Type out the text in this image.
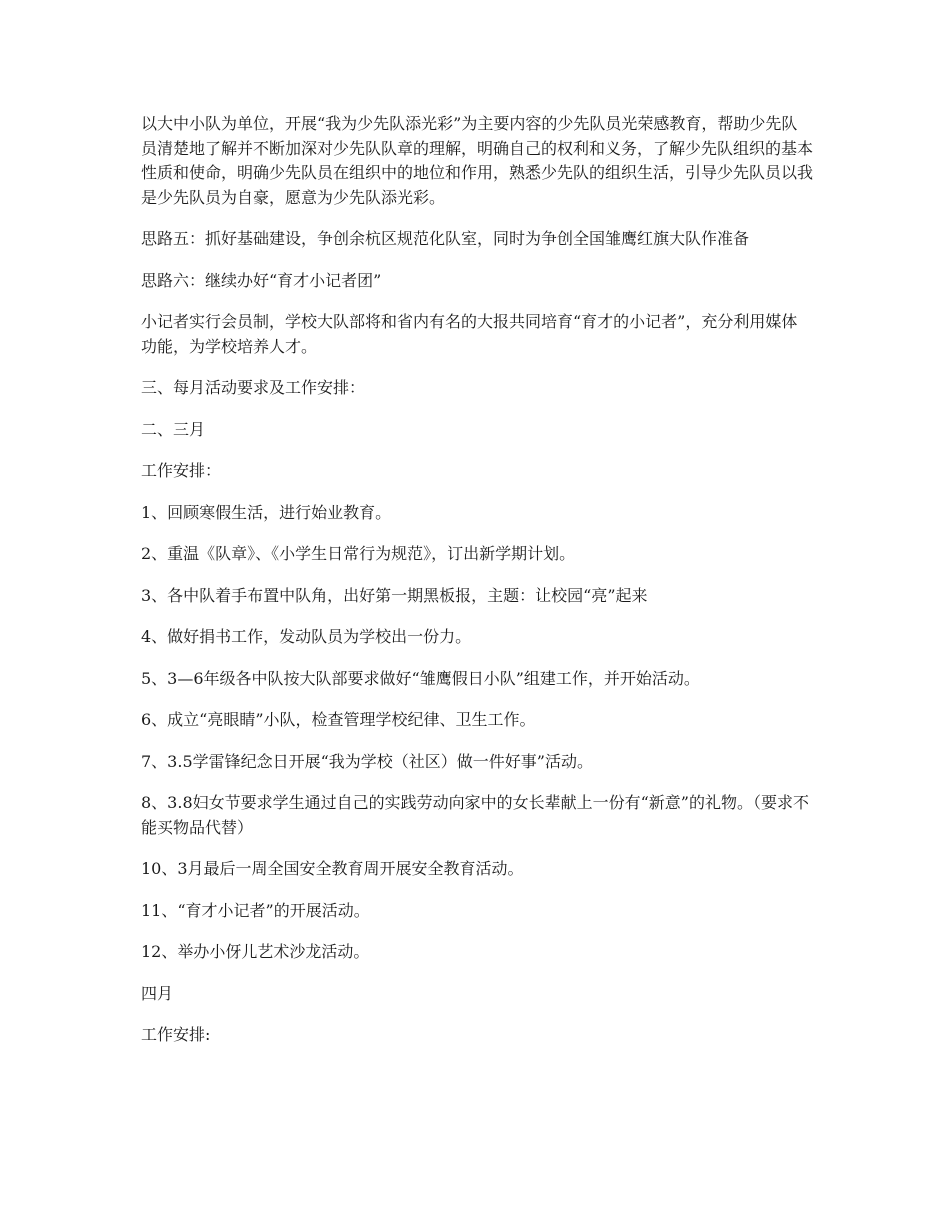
以大中小队为单位，开展“我为少先队添光彩”为主要内容的少先队员光荣感教育，帮助少先队员清楚地了解并不断加深对少先队队章的理解，明确自己的权利和义务，了解少先队组织的基本性质和使命，明确少先队员在组织中的地位和作用，熟悉少先队的组织生活，引导少先队员以我是少先队员为自豪，愿意为少先队添光彩。

思路五：抓好基础建设，争创余杭区规范化队室，同时为争创全国雏鹰红旗大队作准备

思路六：继续办好“育才小记者团”

小记者实行会员制，学校大队部将和省内有名的大报共同培育“育才的小记者”，充分利用媒体功能，为学校培养人才。

三、每月活动要求及工作安排：

二、三月

工作安排：

1、回顾寒假生活，进行始业教育。

2、重温《队章》、《小学生日常行为规范》，订出新学期计划。

3、各中队着手布置中队角，出好第一期黑板报，主题：让校园“亮”起来

4、做好捐书工作，发动队员为学校出一份力。

5、3—6年级各中队按大队部要求做好“雏鹰假日小队”组建工作，并开始活动。

6、成立“亮眼睛”小队，检查管理学校纪律、卫生工作。

7、3.5学雷锋纪念日开展“我为学校（社区）做一件好事”活动。

8、3.8妇女节要求学生通过自己的实践劳动向家中的女长辈献上一份有“新意”的礼物。（要求不能买物品代替）

10、3月最后一周全国安全教育周开展安全教育活动。

11、“育才小记者”的开展活动。

12、举办小伢儿艺术沙龙活动。

四月

工作安排:
